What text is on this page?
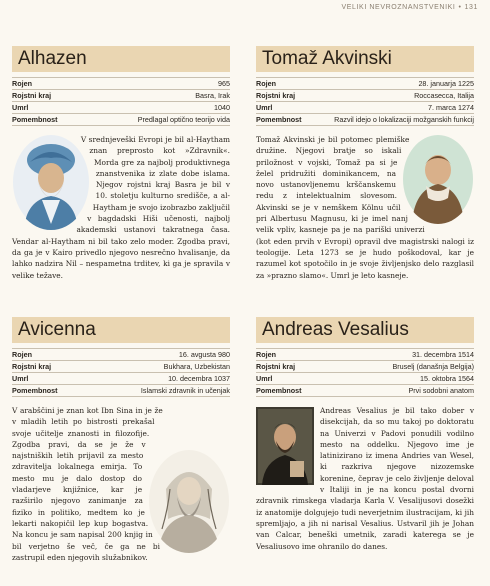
VELIKI NEVROZNANSTVENIKI • 131
Alhazen
Rojen	965
Rojstni kraj	Basra, Irak
Umrl	1040
Pomembnost	Predlagal optično teorijo vida
V srednjeveški Evropi je bil al-Haytham znan preprosto kot »Zdravnik«. Morda gre za najbolj produktivnega znanstvenika iz zlate dobe islama. Njegov rojstni kraj Basra je bil v 10. stoletju kulturno središče, a al-Haytham je svojo izobrazbo zaključil v bagdadski Hiši učenosti, najbolj akademski ustanovi takratnega časa. Vendar al-Haytham ni bil tako zelo moder. Zgodba pravi, da ga je v Kairo privedlo njegovo nesrečno hvalisanje, da lahko nadzira Nil – nespametna trditev, ki ga je spravila v velike težave.
Tomaž Akvinski
Rojen	28. januarja 1225
Rojstni kraj	Roccasecca, Italija
Umrl	7. marca 1274
Pomembnost	Razvil idejo o lokalizaciji možganskih funkcij
Tomaž Akvinski je bil potomec plemiške družine. Njegovi bratje so iskali priložnost v vojski, Tomaž pa si je želel pridružiti dominikancem, na novo ustanovljenemu krščanskemu redu z intelektualnim slovesom. Akvinski se je v nemškem Kölnu učil pri Albertusu Magnusu, ki je imel nanj velik vpliv, kasneje pa je na pariški univerzi (kot eden prvih v Evropi) opravil dve magistrski nalogi iz teologije. Leta 1273 se je hudo poškodoval, kar je razumel kot spotočilo in je svoje življenjsko delo razglasil za »prazno slamo«. Umrl je leto kasneje.
Avicenna
Rojen	16. avgusta 980
Rojstni kraj	Bukhara, Uzbekistan
Umrl	10. decembra 1037
Pomembnost	Islamski zdravnik in učenjak
V arabščini je znan kot Ibn Sina in je že v mladih letih po bistrosti prekašal svoje učitelje znanosti in filozofije. Zgodba pravi, da se je že v najstniških letih prijavil za mesto zdravitelja lokalnega emirja. To mesto mu je dalo dostop do vladarjeve knjižnice, kar je razširilo njegovo zanimanje za fiziko in politiko, medtem ko je lekarti nakopičil lep kup bogastva. Na koncu je sam napisal 200 knjig in bil verjetno še več, če ga ne bi zastrupil eden njegovih služabnikov.
Andreas Vesalius
Rojen	31. decembra 1514
Rojstni kraj	Bruselj (današnja Belgija)
Umrl	15. oktobra 1564
Pomembnost	Prvi sodobni anatom
Andreas Vesalius je bil tako dober v disekcijah, da so mu takoj po doktoratu na Univerzi v Padovi ponudili vodilno mesto na oddelku. Njegovo ime je latinizirano iz imena Andries van Wesel, ki razkriva njegove nizozemske korenine, čeprav je celo življenje deloval v Italiji in je na koncu postal dvorni zdravnik rimskega vladarja Karla V. Vesalijusovi dosežki iz anatomije dolgujejo tudi neverjetnim ilustracijam, ki jih spremljajo, a jih ni narisal Vesalius. Ustvaril jih je Johan van Calcar, beneški umetnik, zaradi katerega se je Vesaliusovo ime ohranilo do danes.
